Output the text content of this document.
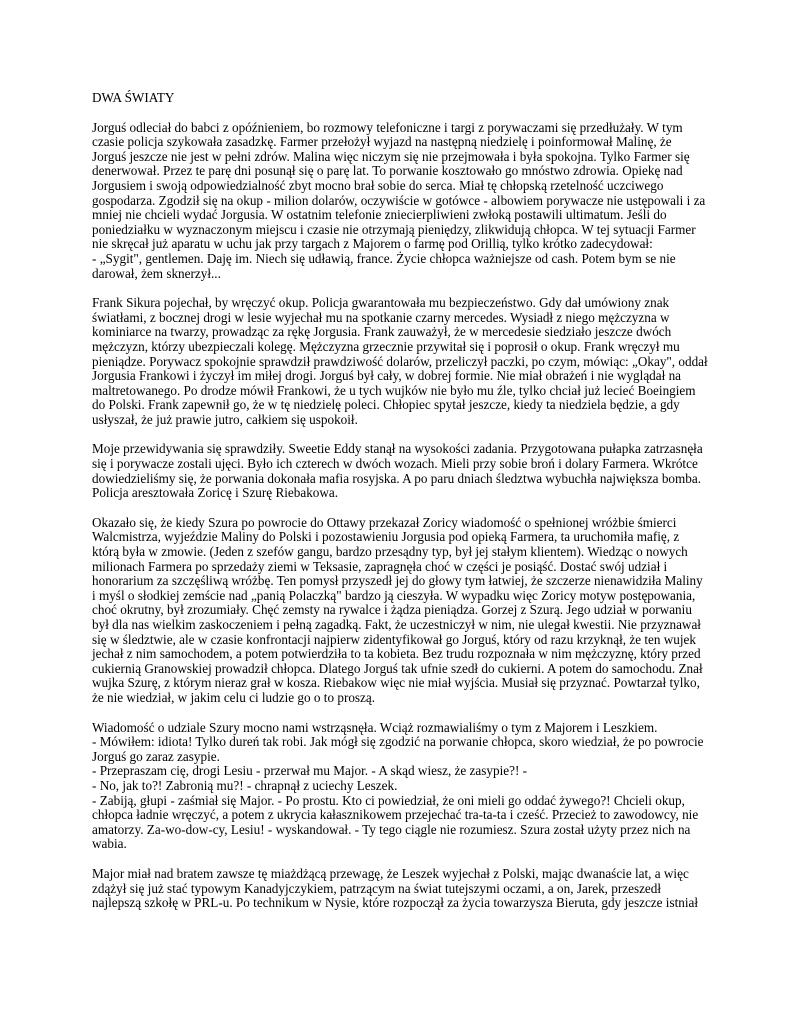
DWA ŚWIATY
Jorguś odleciał do babci z opóźnieniem, bo rozmowy telefoniczne i targi z porywaczami się przedłużały. W tym
czasie policja szykowała zasadzkę. Farmer przełożył wyjazd na następną niedzielę i poinformował Malinę, że
Jorguś jeszcze nie jest w pełni zdrów. Malina więc niczym się nie przejmowała i była spokojna. Tylko Farmer się
denerwował. Przez te parę dni posunął się o parę lat. To porwanie kosztowało go mnóstwo zdrowia. Opiekę nad
Jorgusiem i swoją odpowiedzialność zbyt mocno brał sobie do serca. Miał tę chłopską rzetelność uczciwego
gospodarza. Zgodził się na okup - milion dolarów, oczywiście w gotówce - albowiem porywacze nie ustępowali i za
mniej nie chcieli wydać Jorgusia. W ostatnim telefonie zniecierpliwieni zwłoką postawili ultimatum. Jeśli do
poniedziałku w wyznaczonym miejscu i czasie nie otrzymają pieniędzy, zlikwidują chłopca. W tej sytuacji Farmer
nie skręcał już aparatu w uchu jak przy targach z Majorem o farmę pod Orillią, tylko krótko zadecydował:
- „Sygit", gentlemen. Daję im. Niech się udławią, france. Życie chłopca ważniejsze od cash. Potem bym se nie
darował, żem sknerzył...
Frank Sikura pojechał, by wręczyć okup. Policja gwarantowała mu bezpieczeństwo. Gdy dał umówiony znak
światłami, z bocznej drogi w lesie wyjechał mu na spotkanie czarny mercedes. Wysiadł z niego mężczyzna w
kominiarce na twarzy, prowadząc za rękę Jorgusia. Frank zauważył, że w mercedesie siedziało jeszcze dwóch
mężczyzn, którzy ubezpieczali kolegę. Mężczyzna grzecznie przywitał się i poprosił o okup. Frank wręczył mu
pieniądze. Porywacz spokojnie sprawdził prawdziwość dolarów, przeliczył paczki, po czym, mówiąc: „Okay", oddał
Jorgusia Frankowi i życzył im miłej drogi. Jorguś był cały, w dobrej formie. Nie miał obrażeń i nie wyglądał na
maltretowanego. Po drodze mówił Frankowi, że u tych wujków nie było mu źle, tylko chciał już lecieć Boeingiem
do Polski. Frank zapewnił go, że w tę niedzielę poleci. Chłopiec spytał jeszcze, kiedy ta niedziela będzie, a gdy
usłyszał, że już prawie jutro, całkiem się uspokoił.
Moje przewidywania się sprawdziły. Sweetie Eddy stanął na wysokości zadania. Przygotowana pułapka zatrzasnęła
się i porywacze zostali ujęci. Było ich czterech w dwóch wozach. Mieli przy sobie broń i dolary Farmera. Wkrótce
dowiedzieliśmy się, że porwania dokonała mafia rosyjska. A po paru dniach śledztwa wybuchła największa bomba.
Policja aresztowała Zoricę i Szurę Riebakowa.
Okazało się, że kiedy Szura po powrocie do Ottawy przekazał Zoricy wiadomość o spełnionej wróżbie śmierci
Walcmistrza, wyjeździe Maliny do Polski i pozostawieniu Jorgusia pod opieką Farmera, ta uruchomiła mafię, z
którą była w zmowie. (Jeden z szefów gangu, bardzo przesądny typ, był jej stałym klientem). Wiedząc o nowych
milionach Farmera po sprzedaży ziemi w Teksasie, zapragnęła choć w części je posiąść. Dostać swój udział i
honorarium za szczęśliwą wróżbę. Ten pomysł przyszedł jej do głowy tym łatwiej, że szczerze nienawidziła Maliny
i myśl o słodkiej zemście nad „panią Polaczką" bardzo ją cieszyła. W wypadku więc Zoricy motyw postępowania,
choć okrutny, był zrozumiały. Chęć zemsty na rywalce i żądza pieniądza. Gorzej z Szurą. Jego udział w porwaniu
był dla nas wielkim zaskoczeniem i pełną zagadką. Fakt, że uczestniczył w nim, nie ulegał kwestii. Nie przyznawał
się w śledztwie, ale w czasie konfrontacji najpierw zidentyfikował go Jorguś, który od razu krzyknął, że ten wujek
jechał z nim samochodem, a potem potwierdziła to ta kobieta. Bez trudu rozpoznała w nim mężczyznę, który przed
cukiernią Granowskiej prowadził chłopca. Dlatego Jorguś tak ufnie szedł do cukierni. A potem do samochodu. Znał
wujka Szurę, z którym nieraz grał w kosza. Riebakow więc nie miał wyjścia. Musiał się przyznać. Powtarzał tylko,
że nie wiedział, w jakim celu ci ludzie go o to proszą.
Wiadomość o udziale Szury mocno nami wstrząsnęła. Wciąż rozmawialiśmy o tym z Majorem i Leszkiem.
- Mówiłem: idiota! Tylko dureń tak robi. Jak mógł się zgodzić na porwanie chłopca, skoro wiedział, że po powrocie
Jorguś go zaraz zasypie.
- Przepraszam cię, drogi Lesiu - przerwał mu Major. - A skąd wiesz, że zasypie?! -
- No, jak to?! Zabronią mu?! - chrapnął z uciechy Leszek.
- Zabiją, głupi - zaśmiał się Major. - Po prostu. Kto ci powiedział, że oni mieli go oddać żywego?! Chcieli okup,
chłopca ładnie wręczyć, a potem z ukrycia kałasznikowem przejechać tra-ta-ta i cześć. Przecież to zawodowcy, nie
amatorzy. Za-wo-dow-cy, Lesiu! - wyskandował. - Ty tego ciągle nie rozumiesz. Szura został użyty przez nich na
wabia.
Major miał nad bratem zawsze tę miażdżącą przewagę, że Leszek wyjechał z Polski, mając dwanaście lat, a więc
zdążył się już stać typowym Kanadyjczykiem, patrzącym na świat tutejszymi oczami, a on, Jarek, przeszedł
najlepszą szkołę w PRL-u. Po technikum w Nysie, które rozpoczął za życia towarzysza Bieruta, gdy jeszcze istniał
